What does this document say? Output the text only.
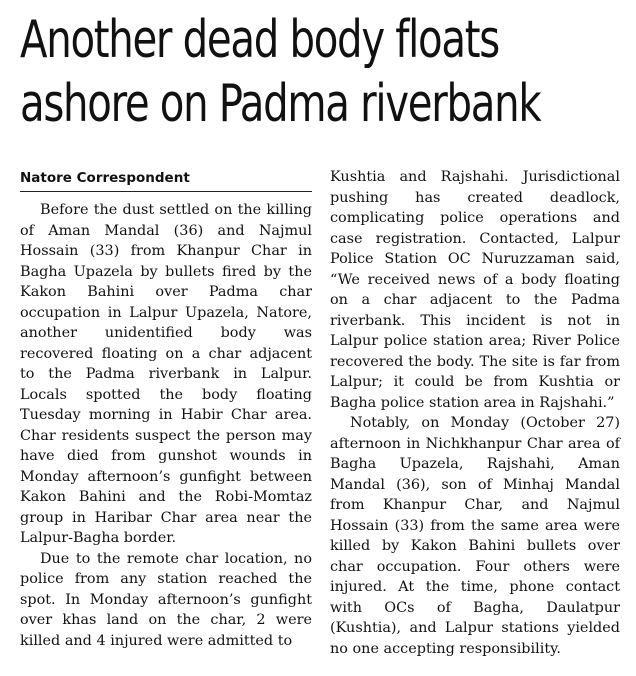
Another dead body floats
ashore on Padma riverbank
Natore Correspondent

Before the dust settled on the killing of Aman Mandal (36) and Najmul Hossain (33) from Khanpur Char in Bagha Upazela by bullets fired by the Kakon Bahini over Padma char occupation in Lalpur Upazela, Natore, another unidentified body was recovered floating on a char adjacent to the Padma riverbank in Lalpur. Locals spotted the body floating Tuesday morning in Habir Char area. Char residents suspect the person may have died from gunshot wounds in Monday afternoon’s gunfight between Kakon Bahini and the Robi-Momtaz group in Haribar Char area near the Lalpur-Bagha border.

Due to the remote char location, no police from any station reached the spot. In Monday afternoon’s gunfight over khas land on the char, 2 were killed and 4 injured were admitted to

Kushtia and Rajshahi. Jurisdictional pushing has created deadlock, complicating police operations and case registration. Contacted, Lalpur Police Station OC Nuruzzaman said, “We received news of a body floating on a char adjacent to the Padma riverbank. This incident is not in Lalpur police station area; River Police recovered the body. The site is far from Lalpur; it could be from Kushtia or Bagha police station area in Rajshahi.”

Notably, on Monday (October 27) afternoon in Nichkhanpur Char area of Bagha Upazela, Rajshahi, Aman Mandal (36), son of Minhaj Mandal from Khanpur Char, and Najmul Hossain (33) from the same area were killed by Kakon Bahini bullets over char occupation. Four others were injured. At the time, phone contact with OCs of Bagha, Daulatpur (Kushtia), and Lalpur stations yielded no one accepting responsibility.
